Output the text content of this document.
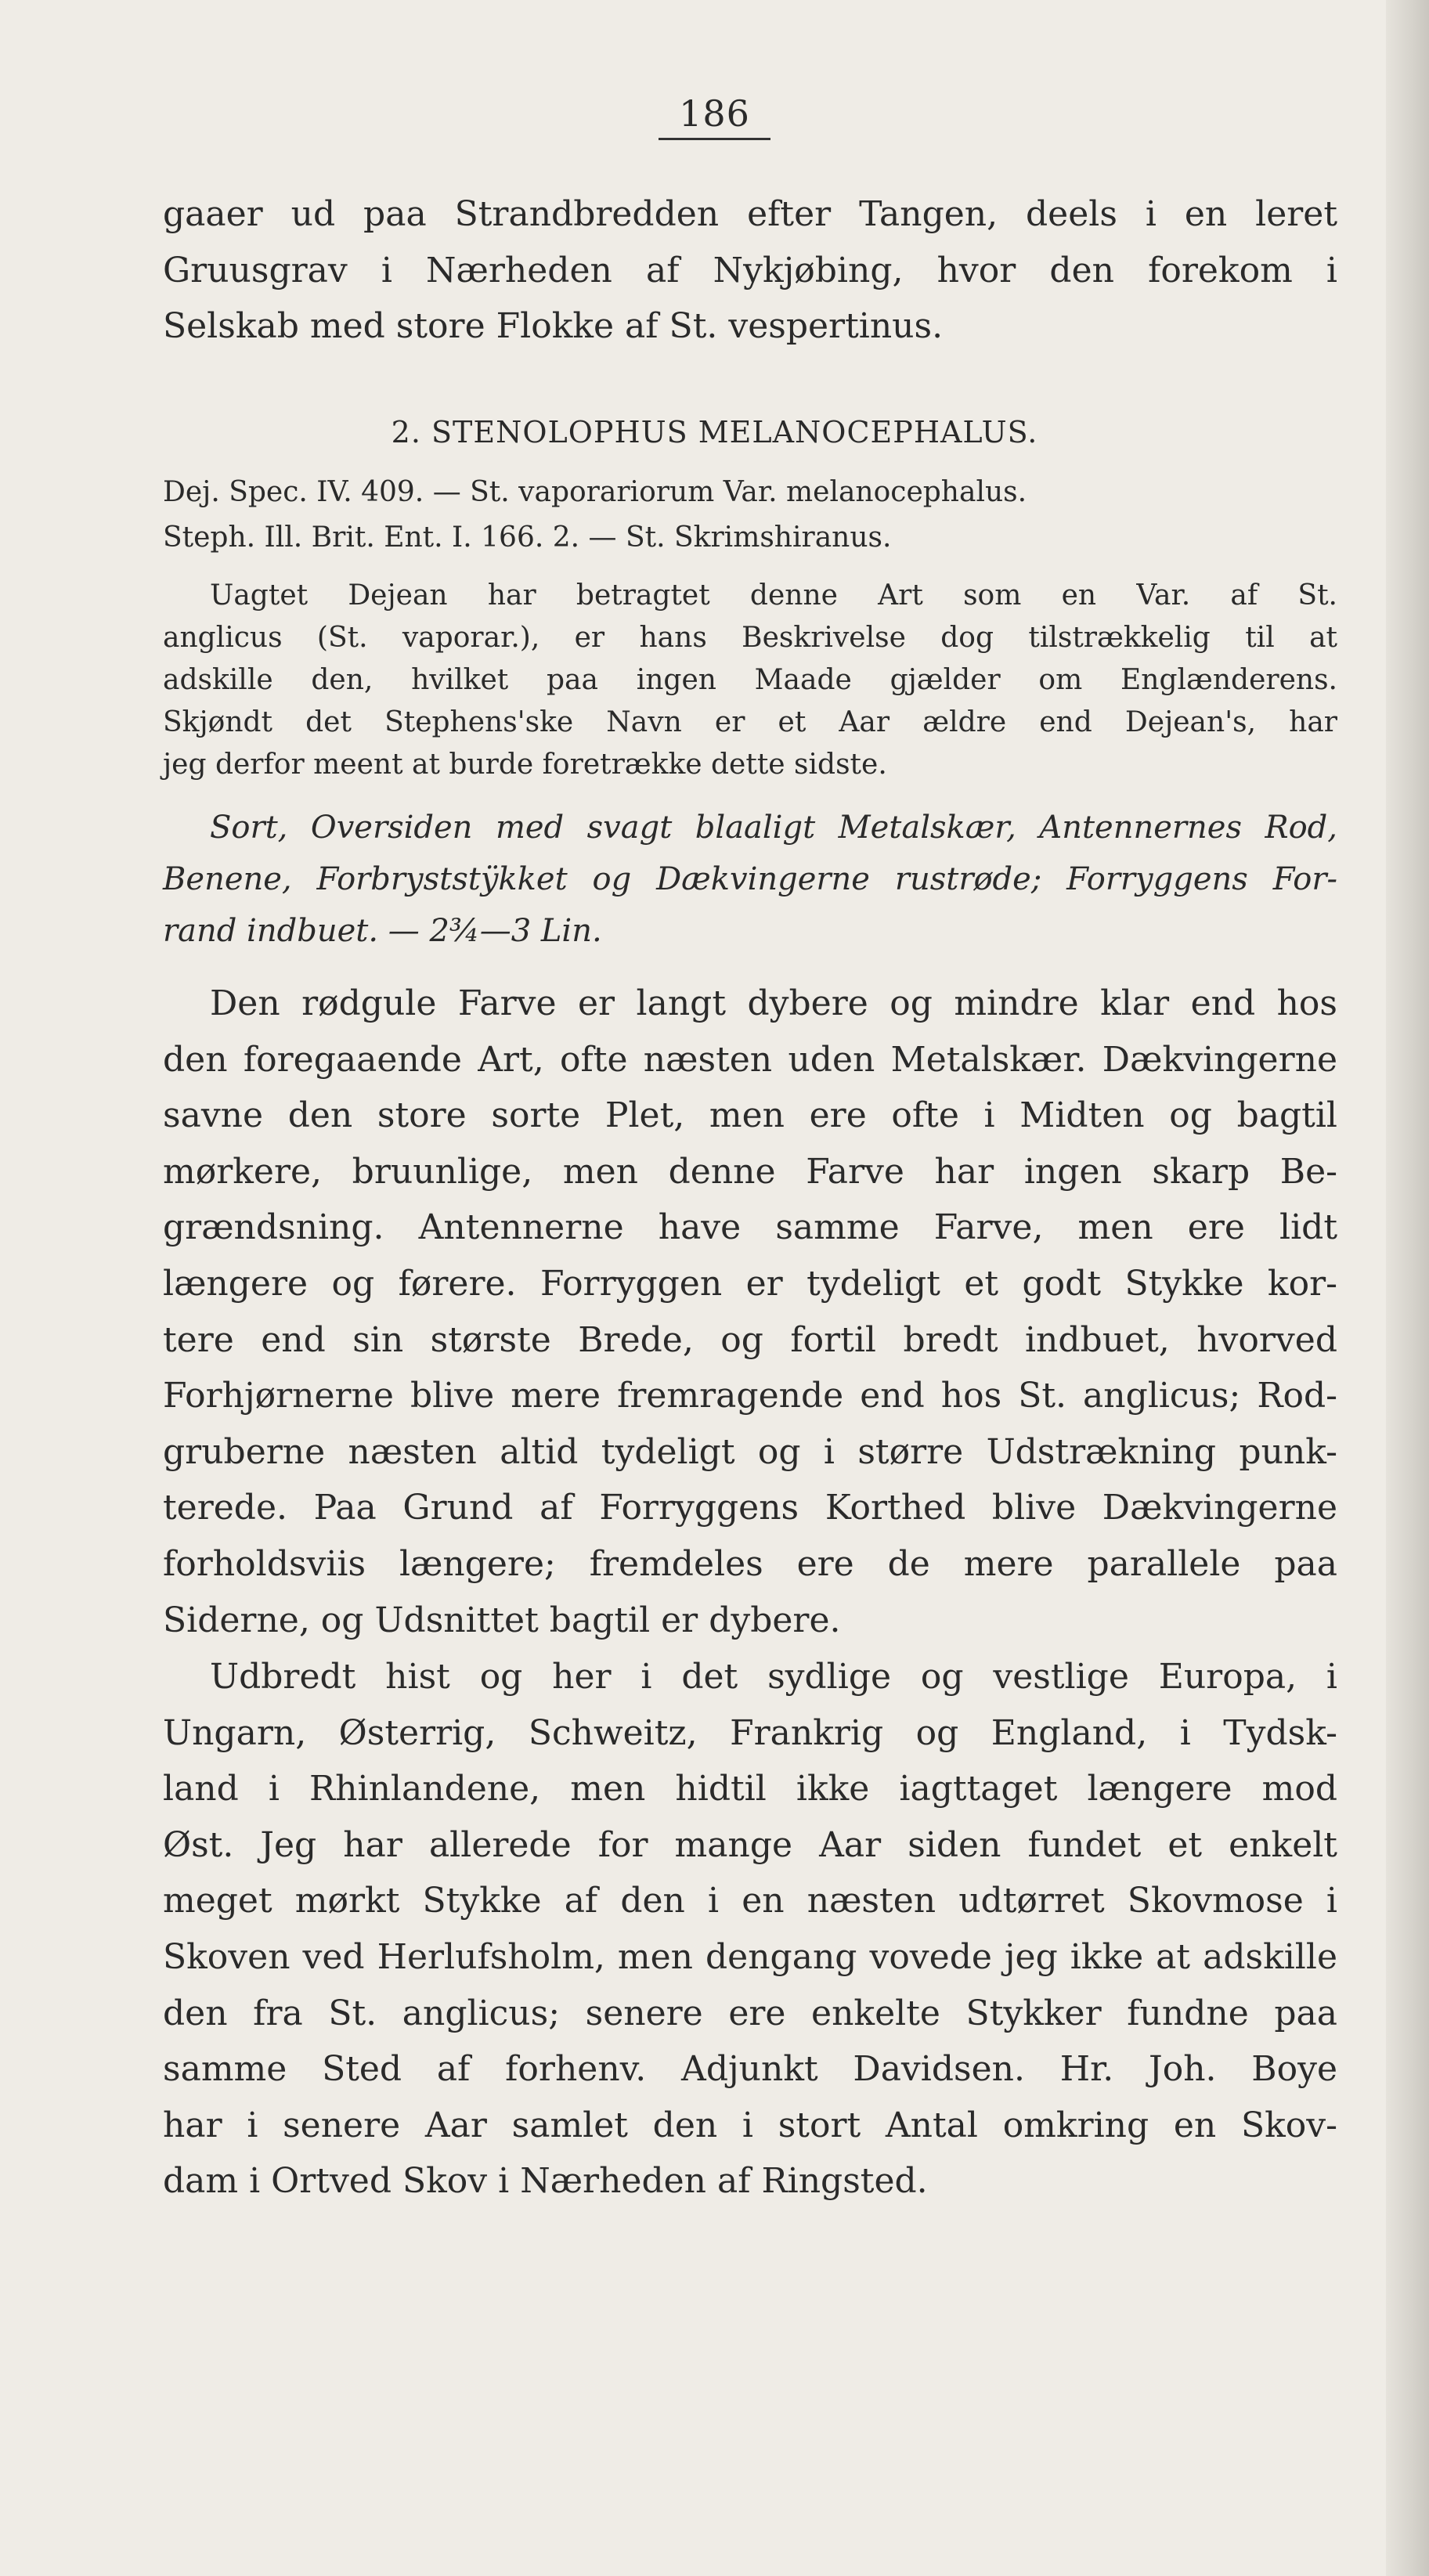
186
gaaer ud paa Strandbredden efter Tangen, deels i en leret
Gruusgrav i Nærheden af Nykjøbing, hvor den forekom i
Selskab med store Flokke af St. vespertinus.
2. STENOLOPHUS MELANOCEPHALUS.
Dej. Spec. IV. 409. — St. vaporariorum Var. melanocephalus.
Steph. Ill. Brit. Ent. I. 166. 2. — St. Skrimshiranus.
Uagtet Dejean har betragtet denne Art som en Var. af St.
anglicus (St. vaporar.), er hans Beskrivelse dog tilstrækkelig til at
adskille den, hvilket paa ingen Maade gjælder om Englænderens.
Skjøndt det Stephens'ske Navn er et Aar ældre end Dejean's, har
jeg derfor meent at burde foretrække dette sidste.
Sort, Oversiden med svagt blaaligt Metalskær, Antennernes Rod,
Benene, Forbryststÿkket og Dækvingerne rustrøde; Forryggens For-
rand indbuet. — 2¾—3 Lin.
Den rødgule Farve er langt dybere og mindre klar end hos
den foregaaende Art, ofte næsten uden Metalskær. Dækvingerne
savne den store sorte Plet, men ere ofte i Midten og bagtil
mørkere, bruunlige, men denne Farve har ingen skarp Be-
grændsning. Antennerne have samme Farve, men ere lidt
længere og førere. Forryggen er tydeligt et godt Stykke kor-
tere end sin største Brede, og fortil bredt indbuet, hvorved
Forhjørnerne blive mere fremragende end hos St. anglicus; Rod-
gruberne næsten altid tydeligt og i større Udstrækning punk-
terede. Paa Grund af Forryggens Korthed blive Dækvingerne
forholdsviis længere; fremdeles ere de mere parallele paa
Siderne, og Udsnittet bagtil er dybere.
Udbredt hist og her i det sydlige og vestlige Europa, i
Ungarn, Østerrig, Schweitz, Frankrig og England, i Tydsk-
land i Rhinlandene, men hidtil ikke iagttaget længere mod
Øst. Jeg har allerede for mange Aar siden fundet et enkelt
meget mørkt Stykke af den i en næsten udtørret Skovmose i
Skoven ved Herlufsholm, men dengang vovede jeg ikke at adskille
den fra St. anglicus; senere ere enkelte Stykker fundne paa
samme Sted af forhenv. Adjunkt Davidsen. Hr. Joh. Boye
har i senere Aar samlet den i stort Antal omkring en Skov-
dam i Ortved Skov i Nærheden af Ringsted.
